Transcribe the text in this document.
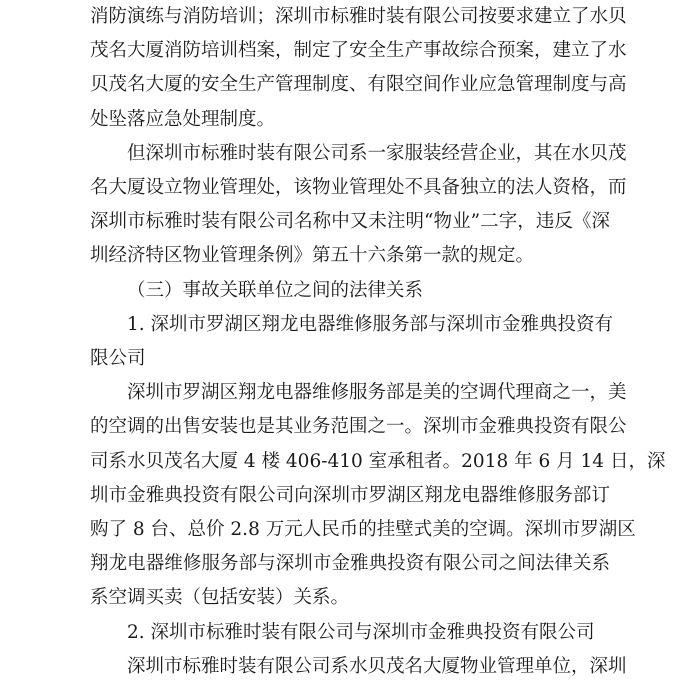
消防演练与消防培训；深圳市标雅时装有限公司按要求建立了水贝
茂名大厦消防培训档案，制定了安全生产事故综合预案，建立了水
贝茂名大厦的安全生产管理制度、有限空间作业应急管理制度与高
处坠落应急处理制度。
但深圳市标雅时装有限公司系一家服装经营企业，其在水贝茂
名大厦设立物业管理处，该物业管理处不具备独立的法人资格，而
深圳市标雅时装有限公司名称中又未注明“物业”二字，违反《深
圳经济特区物业管理条例》第五十六条第一款的规定。
（三）事故关联单位之间的法律关系
1. 深圳市罗湖区翔龙电器维修服务部与深圳市金雅典投资有
限公司
深圳市罗湖区翔龙电器维修服务部是美的空调代理商之一，美
的空调的出售安装也是其业务范围之一。深圳市金雅典投资有限公
司系水贝茂名大厦 4 楼 406-410 室承租者。2018 年 6 月 14 日，深
圳市金雅典投资有限公司向深圳市罗湖区翔龙电器维修服务部订
购了 8 台、总价 2.8 万元人民币的挂壁式美的空调。深圳市罗湖区
翔龙电器维修服务部与深圳市金雅典投资有限公司之间法律关系
系空调买卖（包括安装）关系。
2. 深圳市标雅时装有限公司与深圳市金雅典投资有限公司
深圳市标雅时装有限公司系水贝茂名大厦物业管理单位，深圳
